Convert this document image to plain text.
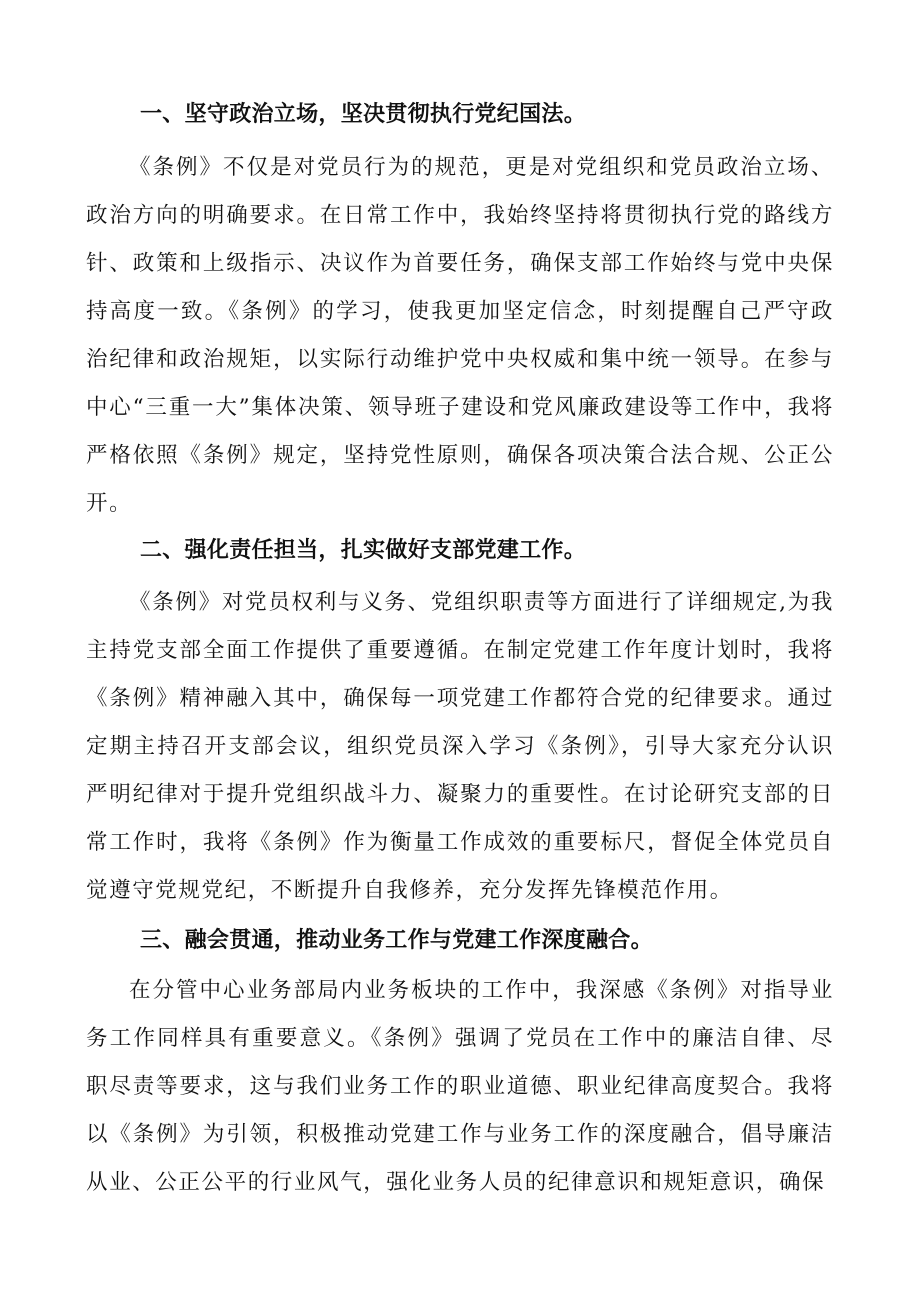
一、坚守政治立场，坚决贯彻执行党纪国法。
《条例》不仅是对党员行为的规范，更是对党组织和党员政治立场、政治方向的明确要求。在日常工作中，我始终坚持将贯彻执行党的路线方针、政策和上级指示、决议作为首要任务，确保支部工作始终与党中央保持高度一致。《条例》的学习，使我更加坚定信念，时刻提醒自己严守政治纪律和政治规矩，以实际行动维护党中央权威和集中统一领导。在参与中心“三重一大”集体决策、领导班子建设和党风廉政建设等工作中，我将严格依照《条例》规定，坚持党性原则，确保各项决策合法合规、公正公开。
二、强化责任担当，扎实做好支部党建工作。
《条例》对党员权利与义务、党组织职责等方面进行了详细规定,为我主持党支部全面工作提供了重要遵循。在制定党建工作年度计划时，我将《条例》精神融入其中，确保每一项党建工作都符合党的纪律要求。通过定期主持召开支部会议，组织党员深入学习《条例》，引导大家充分认识严明纪律对于提升党组织战斗力、凝聚力的重要性。在讨论研究支部的日常工作时，我将《条例》作为衡量工作成效的重要标尺，督促全体党员自觉遵守党规党纪，不断提升自我修养，充分发挥先锋模范作用。
三、融会贯通，推动业务工作与党建工作深度融合。
在分管中心业务部局内业务板块的工作中，我深感《条例》对指导业务工作同样具有重要意义。《条例》强调了党员在工作中的廉洁自律、尽职尽责等要求，这与我们业务工作的职业道德、职业纪律高度契合。我将以《条例》为引领，积极推动党建工作与业务工作的深度融合，倡导廉洁从业、公正公平的行业风气，强化业务人员的纪律意识和规矩意识，确保
